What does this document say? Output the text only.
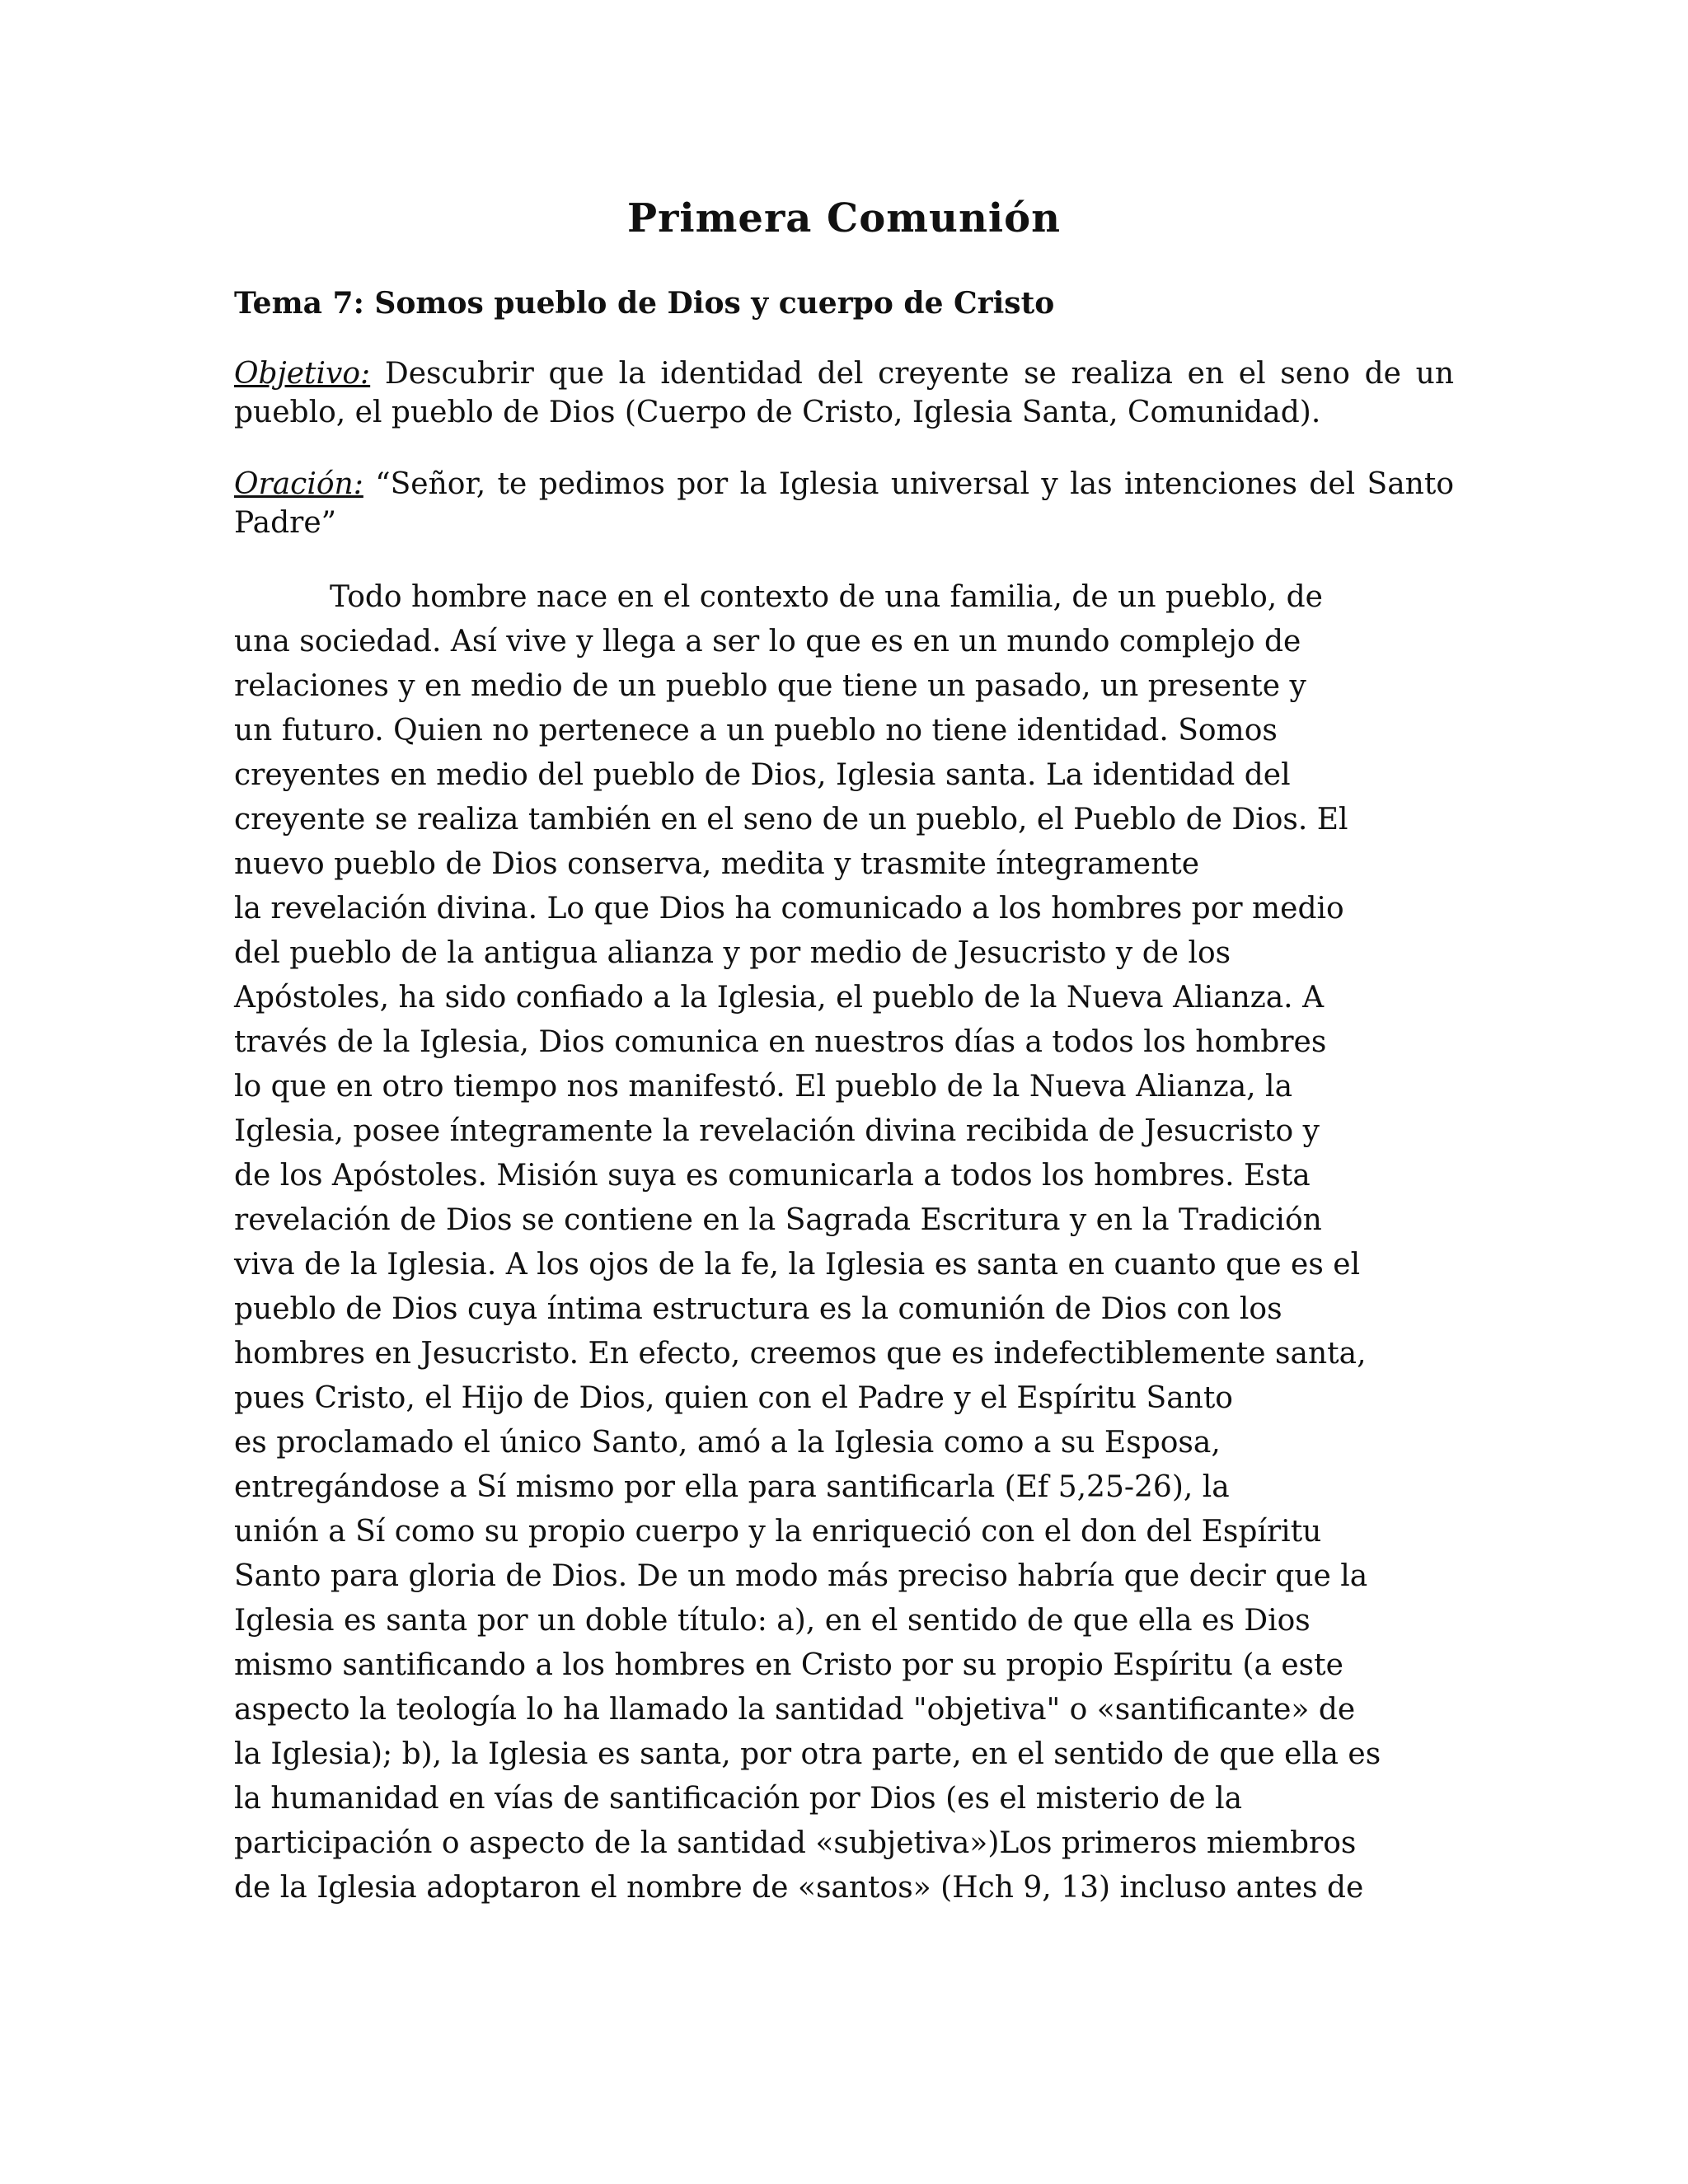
Primera Comunión
Tema 7: Somos pueblo de Dios y cuerpo de Cristo

Objetivo: Descubrir que la identidad del creyente se realiza en el seno de un pueblo, el pueblo de Dios (Cuerpo de Cristo, Iglesia Santa, Comunidad).

Oración: “Señor, te pedimos por la Iglesia universal y las intenciones del Santo Padre”

Todo hombre nace en el contexto de una familia, de un pueblo, de
una sociedad. Así vive y llega a ser lo que es en un mundo complejo de
relaciones y en medio de un pueblo que tiene un pasado, un presente y
un futuro. Quien no pertenece a un pueblo no tiene identidad. Somos
creyentes en medio del pueblo de Dios, Iglesia santa. La identidad del
creyente se realiza también en el seno de un pueblo, el Pueblo de Dios. El
nuevo pueblo de Dios conserva, medita y trasmite íntegramente
la revelación divina. Lo que Dios ha comunicado a los hombres por medio
del pueblo de la antigua alianza y por medio de Jesucristo y de los
Apóstoles, ha sido confiado a la Iglesia, el pueblo de la Nueva Alianza. A
través de la Iglesia, Dios comunica en nuestros días a todos los hombres
lo que en otro tiempo nos manifestó. El pueblo de la Nueva Alianza, la
Iglesia, posee íntegramente la revelación divina recibida de Jesucristo y
de los Apóstoles. Misión suya es comunicarla a todos los hombres. Esta
revelación de Dios se contiene en la Sagrada Escritura y en la Tradición
viva de la Iglesia. A los ojos de la fe, la Iglesia es santa en cuanto que es el
pueblo de Dios cuya íntima estructura es la comunión de Dios con los
hombres en Jesucristo. En efecto, creemos que es indefectiblemente santa,
pues Cristo, el Hijo de Dios, quien con el Padre y el Espíritu Santo
es proclamado el único Santo, amó a la Iglesia como a su Esposa,
entregándose a Sí mismo por ella para santificarla (Ef 5,25-26), la
unión a Sí como su propio cuerpo y la enriqueció con el don del Espíritu
Santo para gloria de Dios. De un modo más preciso habría que decir que la
Iglesia es santa por un doble título: a), en el sentido de que ella es Dios
mismo santificando a los hombres en Cristo por su propio Espíritu (a este
aspecto la teología lo ha llamado la santidad "objetiva" o «santificante» de
la Iglesia); b), la Iglesia es santa, por otra parte, en el sentido de que ella es
la humanidad en vías de santificación por Dios (es el misterio de la
participación o aspecto de la santidad «subjetiva»)Los primeros miembros
de la Iglesia adoptaron el nombre de «santos» (Hch 9, 13) incluso antes de
